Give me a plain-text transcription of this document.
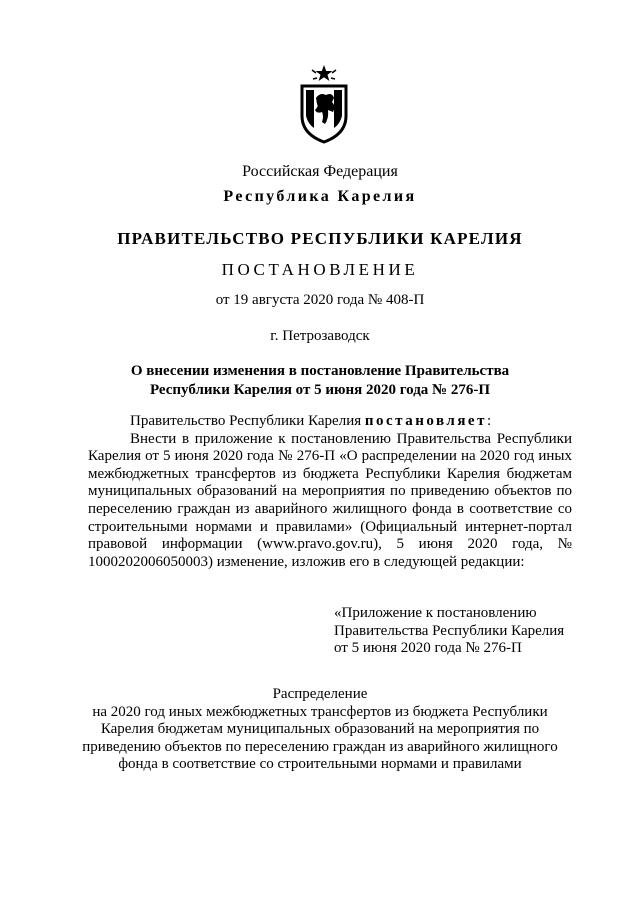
Российская Федерация
Республика Карелия
ПРАВИТЕЛЬСТВО РЕСПУБЛИКИ КАРЕЛИЯ
ПОСТАНОВЛЕНИЕ
от 19 августа 2020 года № 408-П
г. Петрозаводск
О внесении изменения в постановление Правительства
Республики Карелия от 5 июня 2020 года № 276-П

Правительство Республики Карелия постановляет:

Внести в приложение к постановлению Правительства Республики Карелия от 5 июня 2020 года № 276-П «О распределении на 2020 год иных межбюджетных трансфертов из бюджета Республики Карелия бюджетам муниципальных образований на мероприятия по приведению объектов по переселению граждан из аварийного жилищного фонда в соответствие со строительными нормами и правилами» (Официальный интернет-портал правовой информации (www.pravo.gov.ru), 5 июня 2020 года, № 1000202006050003) изменение, изложив его в следующей редакции:

«Приложение к постановлению
Правительства Республики Карелия
от 5 июня 2020 года № 276-П
Распределение
на 2020 год иных межбюджетных трансфертов из бюджета Республики
Карелия бюджетам муниципальных образований на мероприятия по
приведению объектов по переселению граждан из аварийного жилищного
фонда в соответствие со строительными нормами и правилами
